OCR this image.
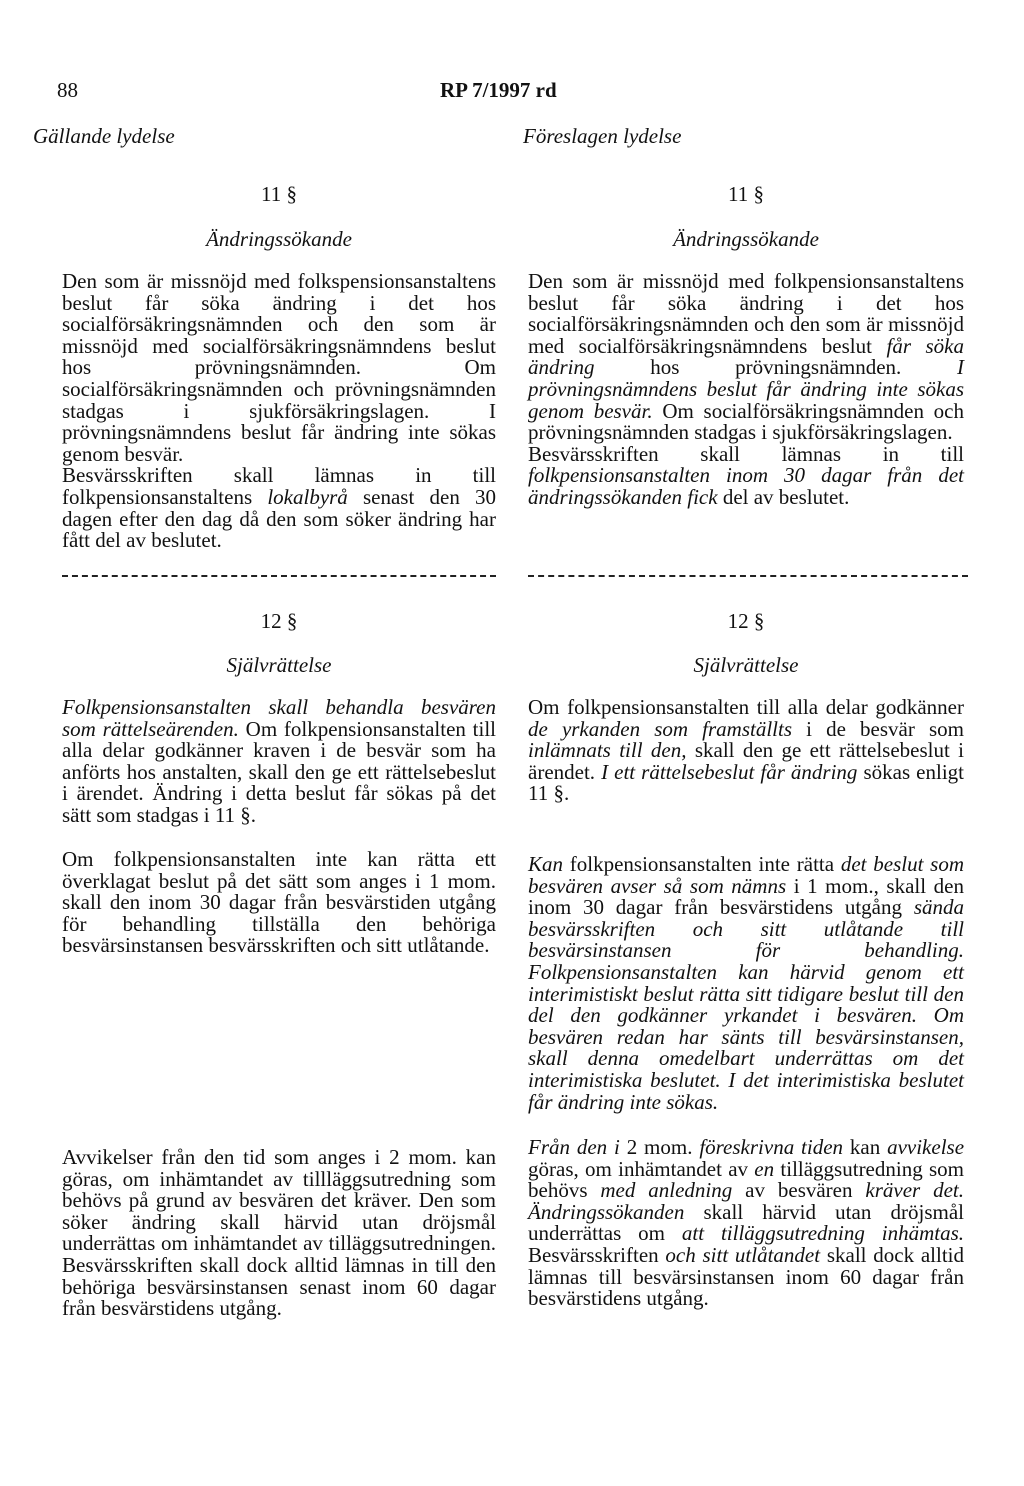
88	RP 7/1997 rd
Gällande lydelse	Föreslagen lydelse
11 §	11 §
Ändringssökande	Ändringssökande

Den som är missnöjd med folkspensionsanstaltens beslut får söka ändring i det hos socialförsäkringsnämnden och den som är missnöjd med socialförsäkringsnämndens beslut hos prövningsnämnden. Om socialförsäkringsnämnden och prövningsnämnden stadgas i sjukförsäkringslagen. I prövningsnämndens beslut får ändring inte sökas genom besvär.

Besvärsskriften skall lämnas in till folkpensionsanstaltens lokalbyrå senast den 30 dagen efter den dag då den som söker ändring har fått del av beslutet.

Den som är missnöjd med folkpensionsanstaltens beslut får söka ändring i det hos socialförsäkringsnämnden och den som är missnöjd med socialförsäkringsnämndens beslut får söka ändring hos prövningsnämnden. I prövningsnämndens beslut får ändring inte sökas genom besvär. Om socialförsäkringsnämnden och prövningsnämnden stadgas i sjukförsäkringslagen.

Besvärsskriften skall lämnas in till folkpensionsanstalten inom 30 dagar från det ändringssökanden fick del av beslutet.

12 §	12 §
Självrättelse	Självrättelse

Folkpensionsanstalten skall behandla besvären som rättelseärenden. Om folkpensionsanstalten till alla delar godkänner kraven i de besvär som ha anförts hos anstalten, skall den ge ett rättelsebeslut i ärendet. Ändring i detta beslut får sökas på det sätt som stadgas i 11 §.

Om folkpensionsanstalten inte kan rätta ett överklagat beslut på det sätt som anges i 1 mom. skall den inom 30 dagar från besvärstiden utgång för behandling tillställa den behöriga besvärsinstansen besvärsskriften och sitt utlåtande.

Avvikelser från den tid som anges i 2 mom. kan göras, om inhämtandet av tillläggsutredning som behövs på grund av besvären det kräver. Den som söker ändring skall härvid utan dröjsmål underrättas om inhämtandet av tilläggsutredningen. Besvärsskriften skall dock alltid lämnas in till den behöriga besvärsinstansen senast inom 60 dagar från besvärstidens utgång.

Om folkpensionsanstalten till alla delar godkänner de yrkanden som framställts i de besvär som inlämnats till den, skall den ge ett rättelsebeslut i ärendet. I ett rättelsebeslut får ändring sökas enligt 11 §.

Kan folkpensionsanstalten inte rätta det beslut som besvären avser så som nämns i 1 mom., skall den inom 30 dagar från besvärstidens utgång sända besvärsskriften och sitt utlåtande till besvärsinstansen för behandling. Folkpensionsanstalten kan härvid genom ett interimistiskt beslut rätta sitt tidigare beslut till den del den godkänner yrkandet i besvären. Om besvären redan har sänts till besvärsinstansen, skall denna omedelbart underrättas om det interimistiska beslutet. I det interimistiska beslutet får ändring inte sökas.

Från den i 2 mom. föreskrivna tiden kan avvikelse göras, om inhämtandet av en tilläggsutredning som behövs med anledning av besvären kräver det. Ändringssökanden skall härvid utan dröjsmål underrättas om att tilläggsutredning inhämtas. Besvärsskriften och sitt utlåtandet skall dock alltid lämnas till besvärsinstansen inom 60 dagar från besvärstidens utgång.
